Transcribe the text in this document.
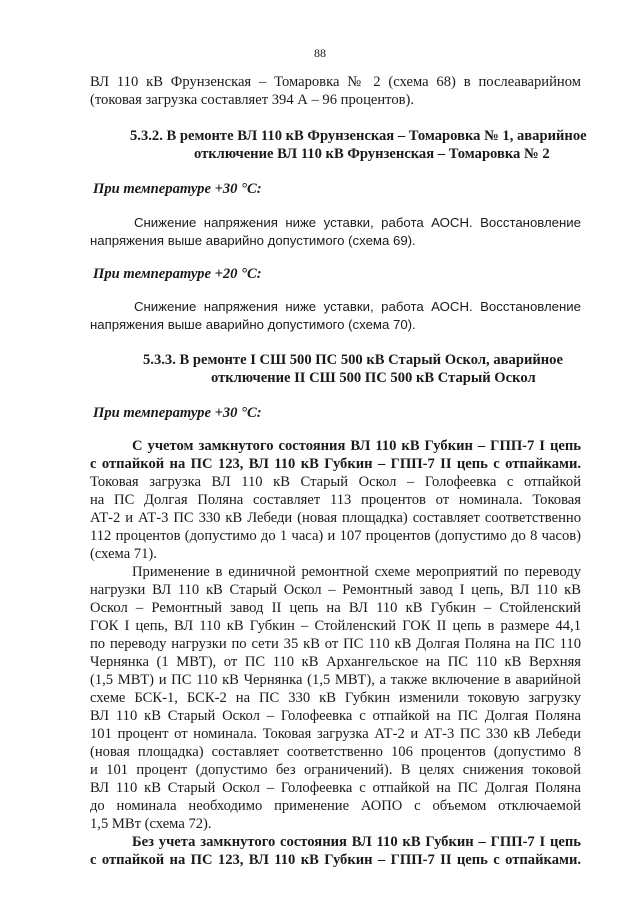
88
ВЛ 110 кВ Фрунзенская – Томаровка № 2 (схема 68) в послеаварийном
(токовая загрузка составляет 394 А – 96 процентов).
5.3.2. В ремонте ВЛ 110 кВ Фрунзенская – Томаровка № 1, аварийное
отключение ВЛ 110 кВ Фрунзенская – Томаровка № 2
При температуре +30 °С:
Снижение напряжения ниже уставки, работа АОСН. Восстановление
напряжения выше аварийно допустимого (схема 69).
При температуре +20 °С:
Снижение напряжения ниже уставки, работа АОСН. Восстановление
напряжения выше аварийно допустимого (схема 70).
5.3.3. В ремонте I СШ 500 ПС 500 кВ Старый Оскол, аварийное
отключение II СШ 500 ПС 500 кВ Старый Оскол
При температуре +30 °С:
С учетом замкнутого состояния ВЛ 110 кВ Губкин – ГПП-7 I цепь
с отпайкой на ПС 123, ВЛ 110 кВ Губкин – ГПП-7 II цепь с отпайками.
Токовая загрузка ВЛ 110 кВ Старый Оскол – Голофеевка с отпайкой
на ПС Долгая Поляна составляет 113 процентов от номинала. Токовая
АТ-2 и АТ-3 ПС 330 кВ Лебеди (новая площадка) составляет соответственно
112 процентов (допустимо до 1 часа) и 107 процентов (допустимо до 8 часов)
(схема 71).
Применение в единичной ремонтной схеме мероприятий по переводу
нагрузки ВЛ 110 кВ Старый Оскол – Ремонтный завод I цепь, ВЛ 110 кВ
Оскол – Ремонтный завод II цепь на ВЛ 110 кВ Губкин – Стойленский
ГОК I цепь, ВЛ 110 кВ Губкин – Стойленский ГОК II цепь в размере 44,1
по переводу нагрузки по сети 35 кВ от ПС 110 кВ Долгая Поляна на ПС 110
Чернянка (1 МВТ), от ПС 110 кВ Архангельское на ПС 110 кВ Верхняя
(1,5 МВТ) и ПС 110 кВ Чернянка (1,5 МВТ), а также включение в аварийной
схеме БСК-1, БСК-2 на ПС 330 кВ Губкин изменили токовую загрузку
ВЛ 110 кВ Старый Оскол – Голофеевка с отпайкой на ПС Долгая Поляна
101 процент от номинала. Токовая загрузка АТ-2 и АТ-3 ПС 330 кВ Лебеди
(новая площадка) составляет соответственно 106 процентов (допустимо 8
и 101 процент (допустимо без ограничений). В целях снижения токовой
ВЛ 110 кВ Старый Оскол – Голофеевка с отпайкой на ПС Долгая Поляна
до номинала необходимо применение АОПО с объемом отключаемой
1,5 МВт (схема 72).
Без учета замкнутого состояния ВЛ 110 кВ Губкин – ГПП-7 I цепь
с отпайкой на ПС 123, ВЛ 110 кВ Губкин – ГПП-7 II цепь с отпайками.
